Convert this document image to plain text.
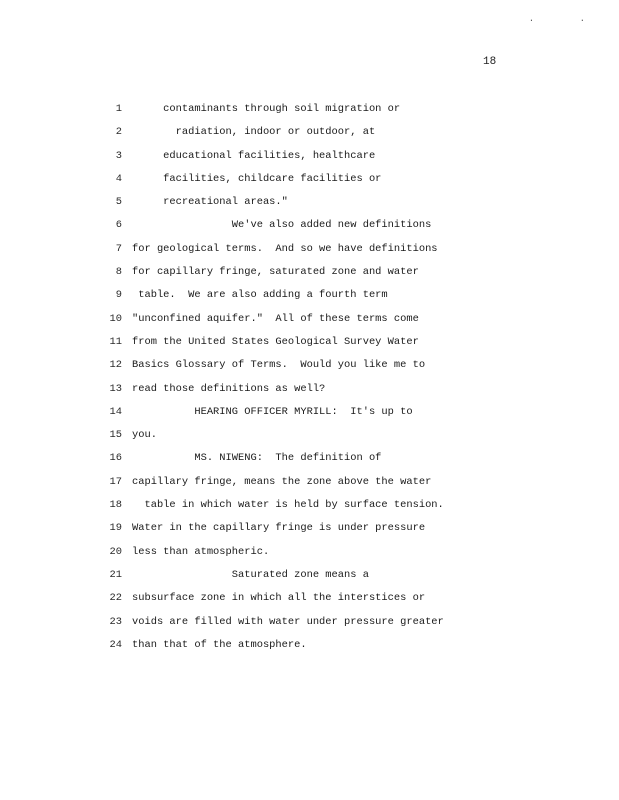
. .
18
1 contaminants through soil migration or
2 radiation, indoor or outdoor, at
3 educational facilities, healthcare
4 facilities, childcare facilities or
5 recreational areas."
6 We've also added new definitions
7 for geological terms.  And so we have definitions
8 for capillary fringe, saturated zone and water
9 table.  We are also adding a fourth term
10 "unconfined aquifer."  All of these terms come
11 from the United States Geological Survey Water
12 Basics Glossary of Terms.  Would you like me to
13 read those definitions as well?
14 HEARING OFFICER MYRILL:  It's up to
15 you.
16 MS. NIWENG:  The definition of
17 capillary fringe, means the zone above the water
18 table in which water is held by surface tension.
19 Water in the capillary fringe is under pressure
20 less than atmospheric.
21 Saturated zone means a
22 subsurface zone in which all the interstices or
23 voids are filled with water under pressure greater
24 than that of the atmosphere.
